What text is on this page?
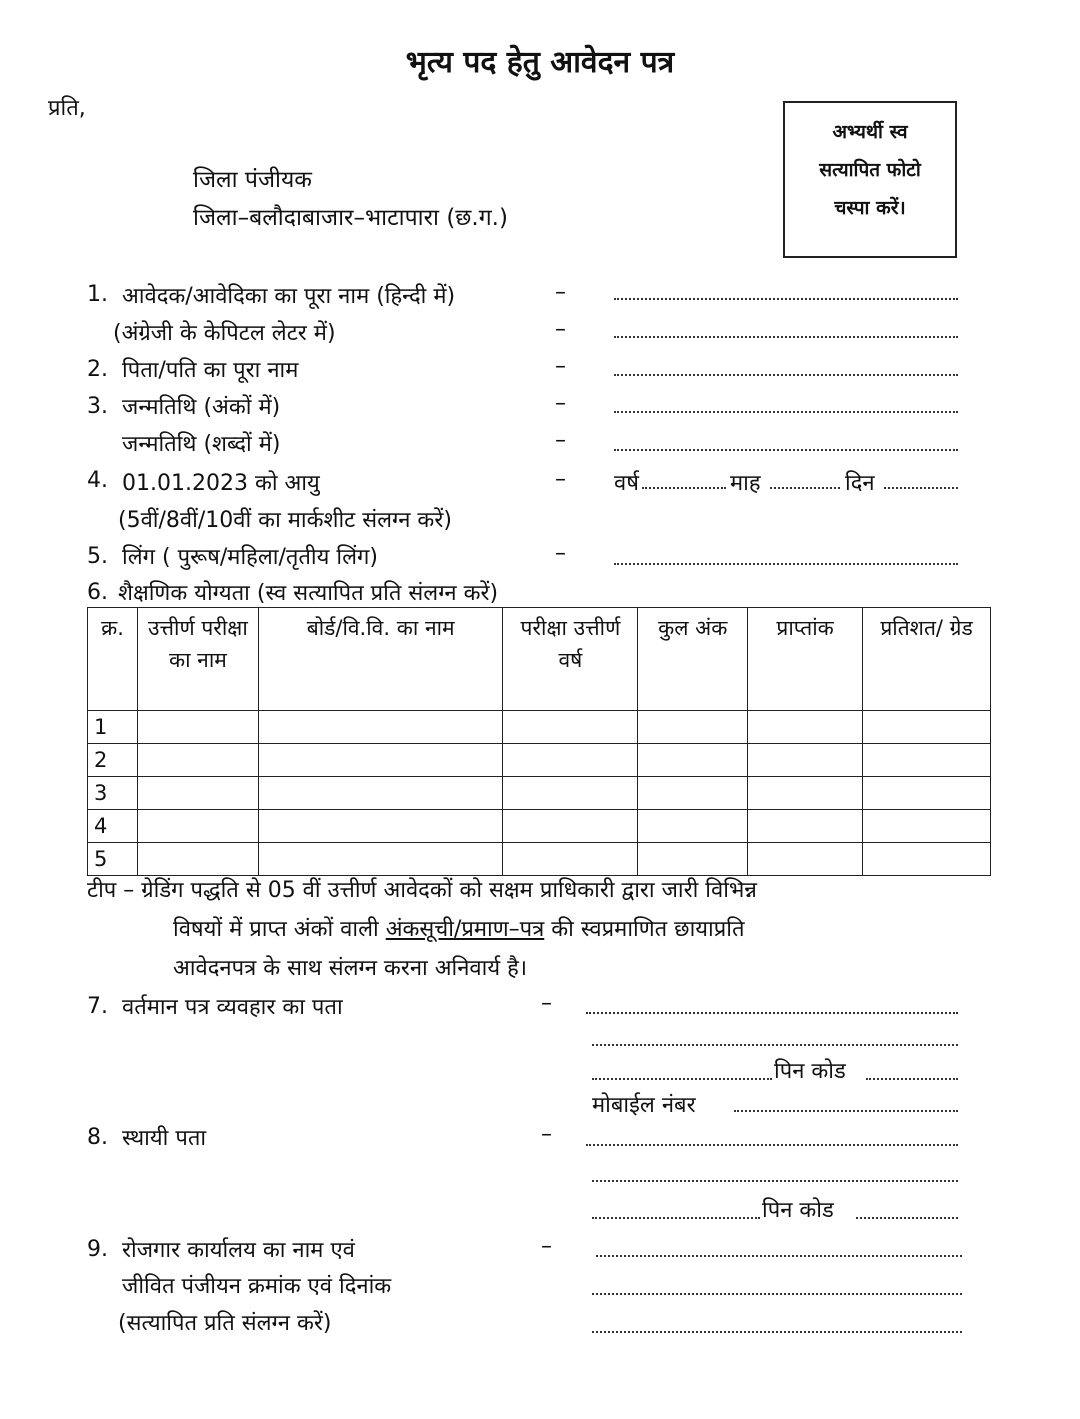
भृत्य पद हेतु आवेदन पत्र
प्रति,
जिला पंजीयक
जिला–बलौदाबाजार–भाटापारा (छ.ग.)
अभ्यर्थी स्व
सत्यापित फोटो
चस्पा करें।
1. आवेदक/आवेदिका का पूरा नाम (हिन्दी में)	–
(अंग्रेजी के केपिटल लेटर में)	–
2. पिता/पति का पूरा नाम	–
3. जन्मतिथि (अंकों में)	–
जन्मतिथि (शब्दों में)	–
4. 01.01.2023 को आयु	– वर्ष	माह	दिन
(5वीं/8वीं/10वीं का मार्कशीट संलग्न करें)
5. लिंग ( पुरूष/महिला/तृतीय लिंग)	–
6. शैक्षणिक योग्यता (स्व सत्यापित प्रति संलग्न करें)
क्र.	उत्तीर्ण परीक्षा का नाम	बोर्ड/वि.वि. का नाम	परीक्षा उत्तीर्ण वर्ष	कुल अंक	प्राप्तांक	प्रतिशत/ ग्रेड
1						
2						
3						
4						
5						
टीप – ग्रेडिंग पद्धति से 05 वीं उत्तीर्ण आवेदकों को सक्षम प्राधिकारी द्वारा जारी विभिन्न
विषयों में प्राप्त अंकों वाली अंकसूची/प्रमाण–पत्र की स्वप्रमाणित छायाप्रति
आवेदनपत्र के साथ संलग्न करना अनिवार्य है।
7. वर्तमान पत्र व्यवहार का पता	–
पिन कोड
मोबाईल नंबर
8. स्थायी पता	–
पिन कोड
9. रोजगार कार्यालय का नाम एवं
जीवित पंजीयन क्रमांक एवं दिनांक
(सत्यापित प्रति संलग्न करें)
–
